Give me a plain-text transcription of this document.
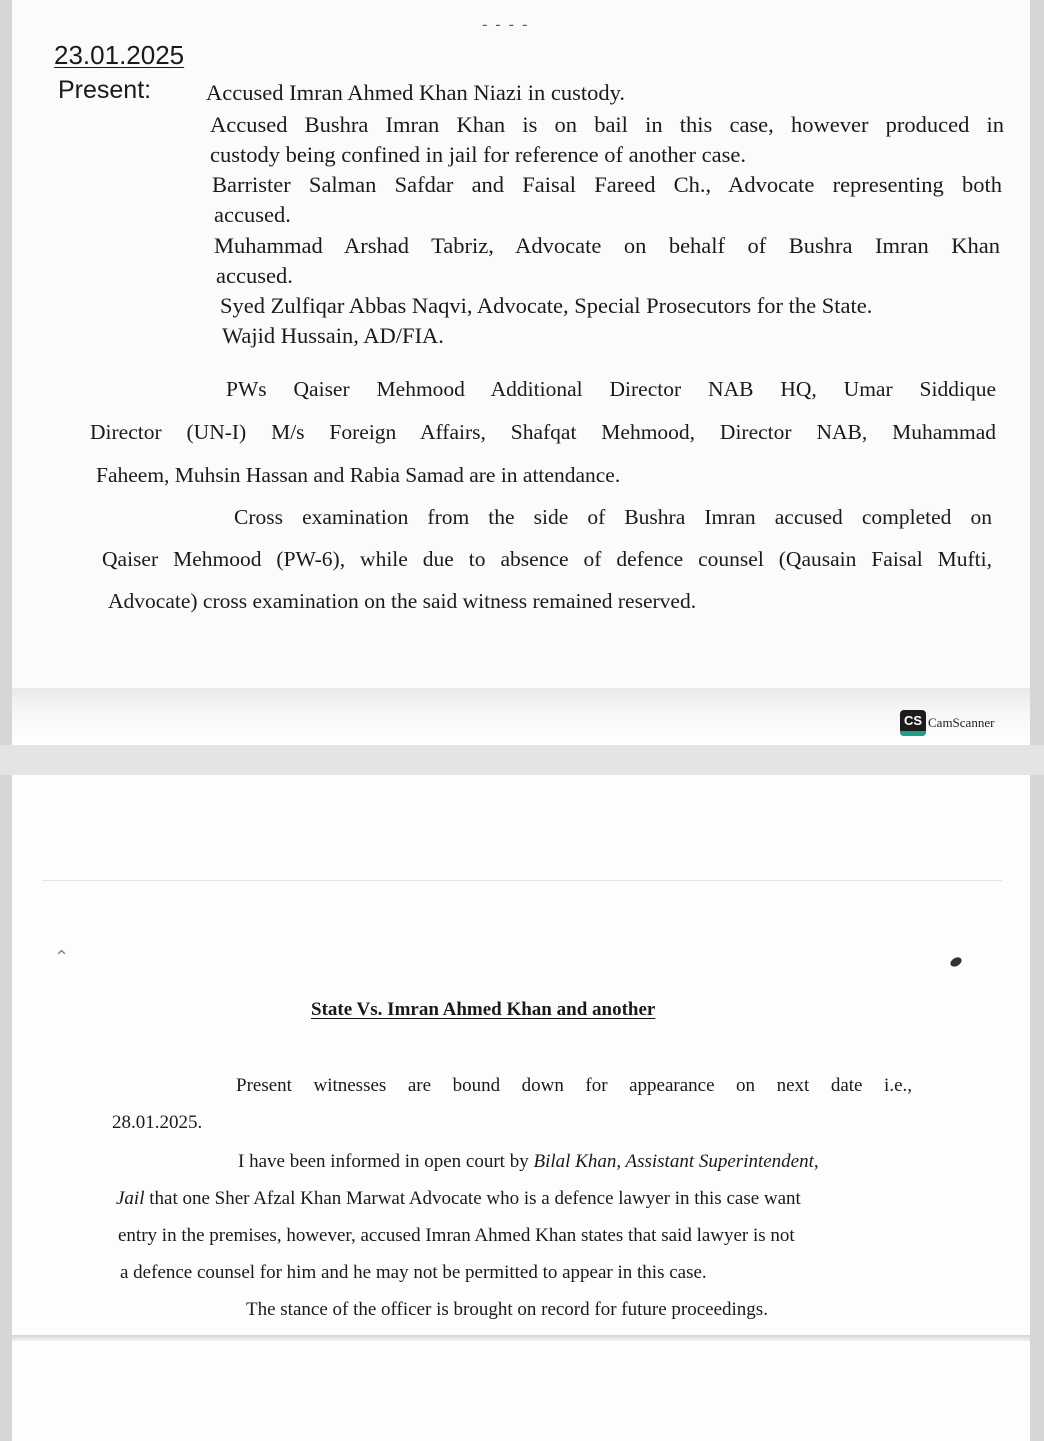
- - - -
23.01.2025
Present: Accused Imran Ahmed Khan Niazi in custody.
Accused Bushra Imran Khan is on bail in this case, however produced in
custody being confined in jail for reference of another case.
Barrister Salman Safdar and Faisal Fareed Ch., Advocate representing both
accused.
Muhammad Arshad Tabriz, Advocate on behalf of Bushra Imran Khan
accused.
Syed Zulfiqar Abbas Naqvi, Advocate, Special Prosecutors for the State.
Wajid Hussain, AD/FIA.
PWs Qaiser Mehmood Additional Director NAB HQ, Umar Siddique
Director (UN-I) M/s Foreign Affairs, Shafqat Mehmood, Director NAB, Muhammad
Faheem, Muhsin Hassan and Rabia Samad are in attendance.
Cross examination from the side of Bushra Imran accused completed on
Qaiser Mehmood (PW-6), while due to absence of defence counsel (Qausain Faisal Mufti,
Advocate) cross examination on the said witness remained reserved.
CS CamScanner
⌃
State Vs. Imran Ahmed Khan and another
Present witnesses are bound down for appearance on next date i.e.,
28.01.2025.
I have been informed in open court by Bilal Khan, Assistant Superintendent,
Jail that one Sher Afzal Khan Marwat Advocate who is a defence lawyer in this case want
entry in the premises, however, accused Imran Ahmed Khan states that said lawyer is not
a defence counsel for him and he may not be permitted to appear in this case.
The stance of the officer is brought on record for future proceedings.
